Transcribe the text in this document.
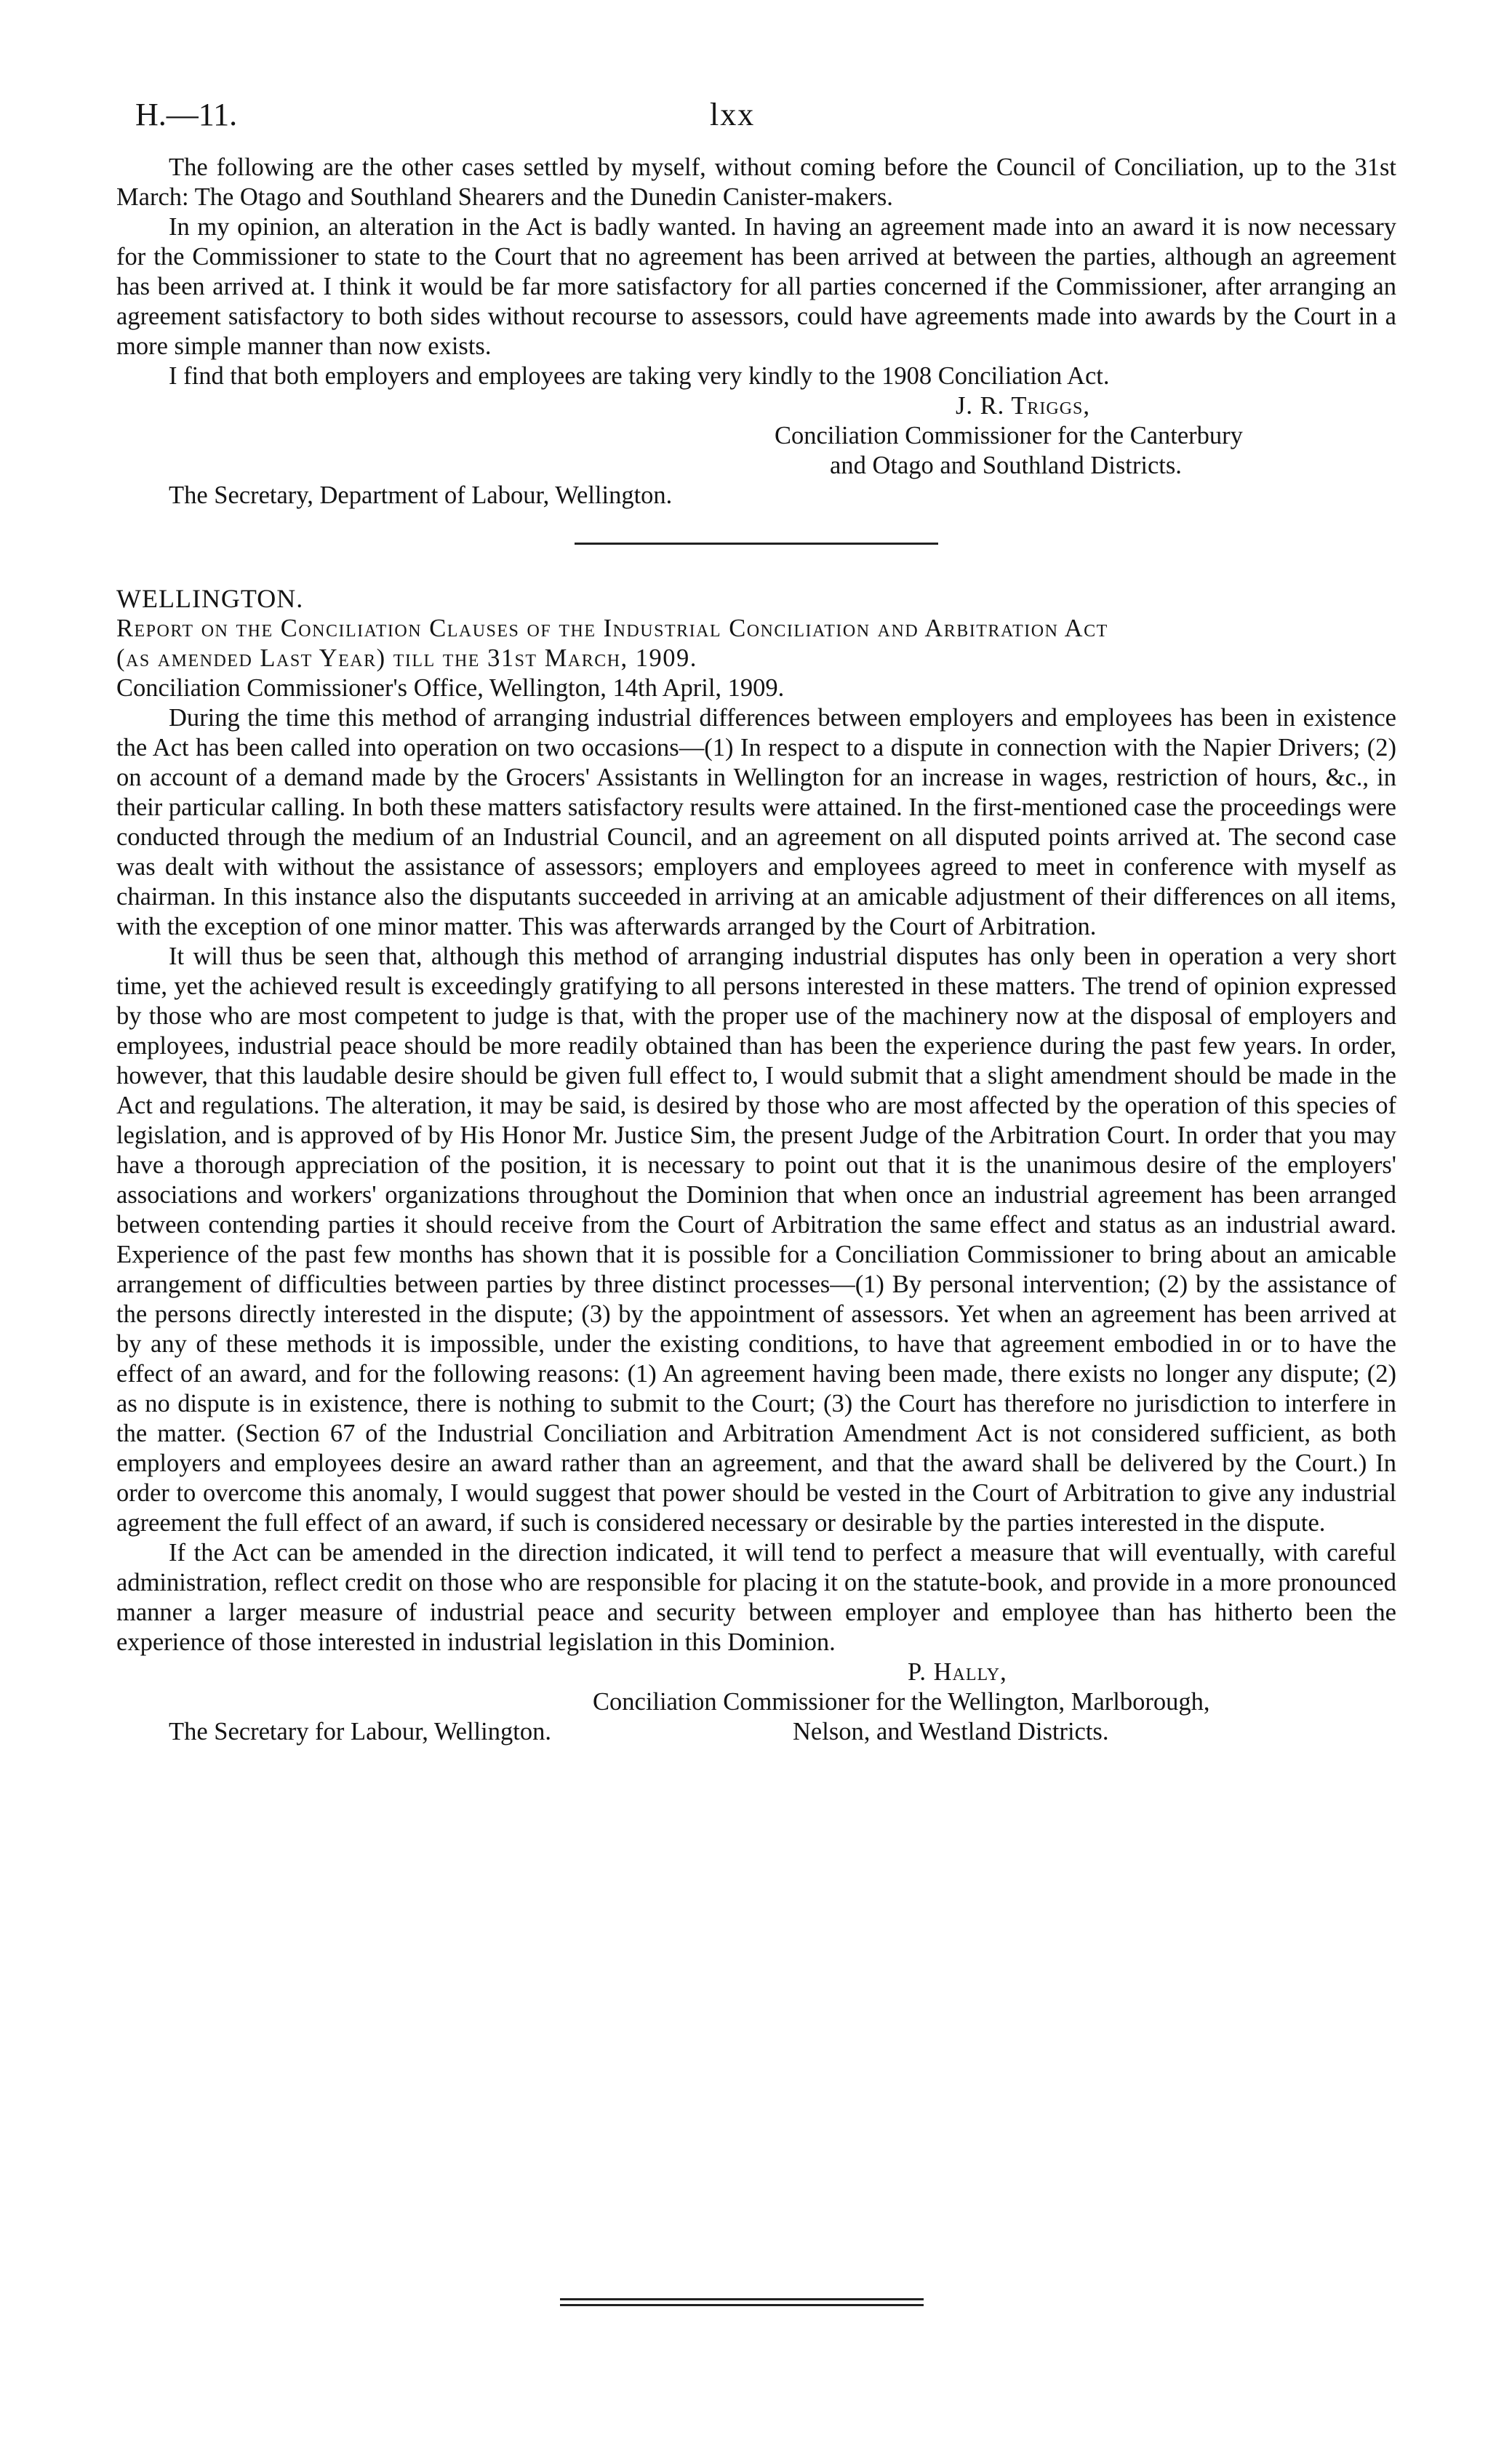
H.—11.	lxx

The following are the other cases settled by myself, without coming before the Council of Conciliation, up to the 31st March: The Otago and Southland Shearers and the Dunedin Canister-makers.

In my opinion, an alteration in the Act is badly wanted. In having an agreement made into an award it is now necessary for the Commissioner to state to the Court that no agreement has been arrived at between the parties, although an agreement has been arrived at. I think it would be far more satisfactory for all parties concerned if the Commissioner, after arranging an agreement satisfactory to both sides without recourse to assessors, could have agreements made into awards by the Court in a more simple manner than now exists.

I find that both employers and employees are taking very kindly to the 1908 Conciliation Act.

J. R. Triggs,

Conciliation Commissioner for the Canterbury

and Otago and Southland Districts.

The Secretary, Department of Labour, Wellington.

WELLINGTON.

Report on the Conciliation Clauses of the Industrial Conciliation and Arbitration Act

(as amended Last Year) till the 31st March, 1909.

Conciliation Commissioner's Office, Wellington, 14th April, 1909.

During the time this method of arranging industrial differences between employers and employees has been in existence the Act has been called into operation on two occasions—(1) In respect to a dispute in connection with the Napier Drivers; (2) on account of a demand made by the Grocers' Assistants in Wellington for an increase in wages, restriction of hours, &c., in their particular calling. In both these matters satisfactory results were attained. In the first-mentioned case the proceedings were conducted through the medium of an Industrial Council, and an agreement on all disputed points arrived at. The second case was dealt with without the assistance of assessors; employers and employees agreed to meet in conference with myself as chairman. In this instance also the disputants succeeded in arriving at an amicable adjustment of their differences on all items, with the exception of one minor matter. This was afterwards arranged by the Court of Arbitration.

It will thus be seen that, although this method of arranging industrial disputes has only been in operation a very short time, yet the achieved result is exceedingly gratifying to all persons interested in these matters. The trend of opinion expressed by those who are most competent to judge is that, with the proper use of the machinery now at the disposal of employers and employees, industrial peace should be more readily obtained than has been the experience during the past few years. In order, however, that this laudable desire should be given full effect to, I would submit that a slight amendment should be made in the Act and regulations. The alteration, it may be said, is desired by those who are most affected by the operation of this species of legislation, and is approved of by His Honor Mr. Justice Sim, the present Judge of the Arbitration Court. In order that you may have a thorough appreciation of the position, it is necessary to point out that it is the unanimous desire of the employers' associations and workers' organizations throughout the Dominion that when once an industrial agreement has been arranged between contending parties it should receive from the Court of Arbitration the same effect and status as an industrial award. Experience of the past few months has shown that it is possible for a Conciliation Commissioner to bring about an amicable arrangement of difficulties between parties by three distinct processes—(1) By personal intervention; (2) by the assistance of the persons directly interested in the dispute; (3) by the appointment of assessors. Yet when an agreement has been arrived at by any of these methods it is impossible, under the existing conditions, to have that agreement embodied in or to have the effect of an award, and for the following reasons: (1) An agreement having been made, there exists no longer any dispute; (2) as no dispute is in existence, there is nothing to submit to the Court; (3) the Court has therefore no jurisdiction to interfere in the matter. (Section 67 of the Industrial Conciliation and Arbitration Amendment Act is not considered sufficient, as both employers and employees desire an award rather than an agreement, and that the award shall be delivered by the Court.) In order to overcome this anomaly, I would suggest that power should be vested in the Court of Arbitration to give any industrial agreement the full effect of an award, if such is considered necessary or desirable by the parties interested in the dispute.

If the Act can be amended in the direction indicated, it will tend to perfect a measure that will eventually, with careful administration, reflect credit on those who are responsible for placing it on the statute-book, and provide in a more pronounced manner a larger measure of industrial peace and security between employer and employee than has hitherto been the experience of those interested in industrial legislation in this Dominion.

P. Hally,

Conciliation Commissioner for the Wellington, Marlborough,

The Secretary for Labour, Wellington.	Nelson, and Westland Districts.
